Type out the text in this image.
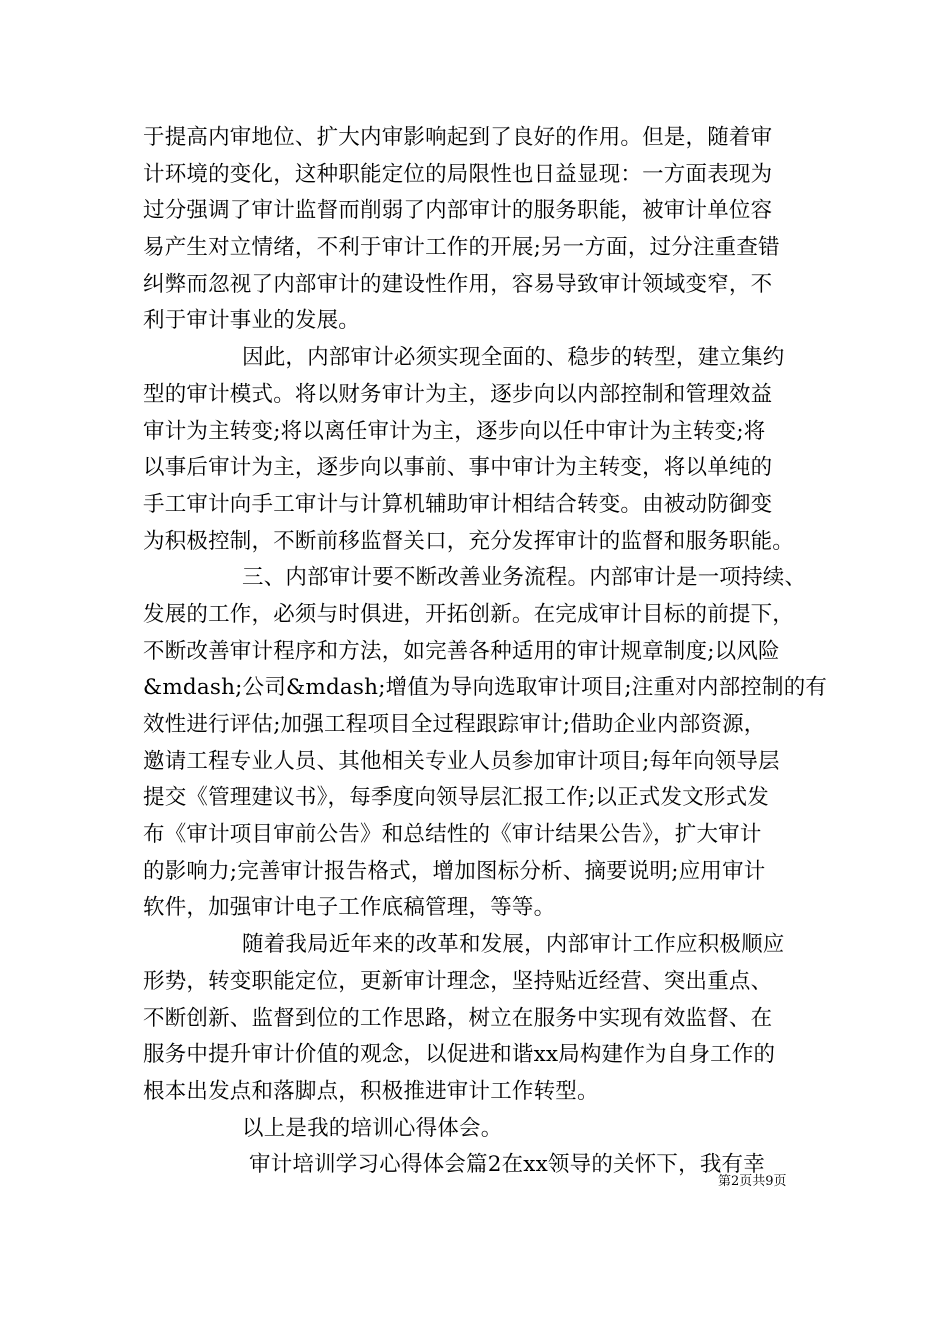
于提高内审地位、扩大内审影响起到了良好的作用。但是，随着审
计环境的变化，这种职能定位的局限性也日益显现：一方面表现为
过分强调了审计监督而削弱了内部审计的服务职能，被审计单位容
易产生对立情绪，不利于审计工作的开展;另一方面，过分注重查错
纠弊而忽视了内部审计的建设性作用，容易导致审计领域变窄，不
利于审计事业的发展。
因此，内部审计必须实现全面的、稳步的转型，建立集约
型的审计模式。将以财务审计为主，逐步向以内部控制和管理效益
审计为主转变;将以离任审计为主，逐步向以任中审计为主转变;将
以事后审计为主，逐步向以事前、事中审计为主转变，将以单纯的
手工审计向手工审计与计算机辅助审计相结合转变。由被动防御变
为积极控制，不断前移监督关口，充分发挥审计的监督和服务职能。
三、内部审计要不断改善业务流程。内部审计是一项持续、
发展的工作，必须与时俱进，开拓创新。在完成审计目标的前提下，
不断改善审计程序和方法，如完善各种适用的审计规章制度;以风险
&mdash;公司&mdash;增值为导向选取审计项目;注重对内部控制的有
效性进行评估;加强工程项目全过程跟踪审计;借助企业内部资源，
邀请工程专业人员、其他相关专业人员参加审计项目;每年向领导层
提交《管理建议书》，每季度向领导层汇报工作;以正式发文形式发
布《审计项目审前公告》和总结性的《审计结果公告》，扩大审计
的影响力;完善审计报告格式，增加图标分析、摘要说明;应用审计
软件，加强审计电子工作底稿管理，等等。
随着我局近年来的改革和发展，内部审计工作应积极顺应
形势，转变职能定位，更新审计理念，坚持贴近经营、突出重点、
不断创新、监督到位的工作思路，树立在服务中实现有效监督、在
服务中提升审计价值的观念，以促进和谐xx局构建作为自身工作的
根本出发点和落脚点，积极推进审计工作转型。
以上是我的培训心得体会。
审计培训学习心得体会篇2在xx领导的关怀下，我有幸
第2页共9页
